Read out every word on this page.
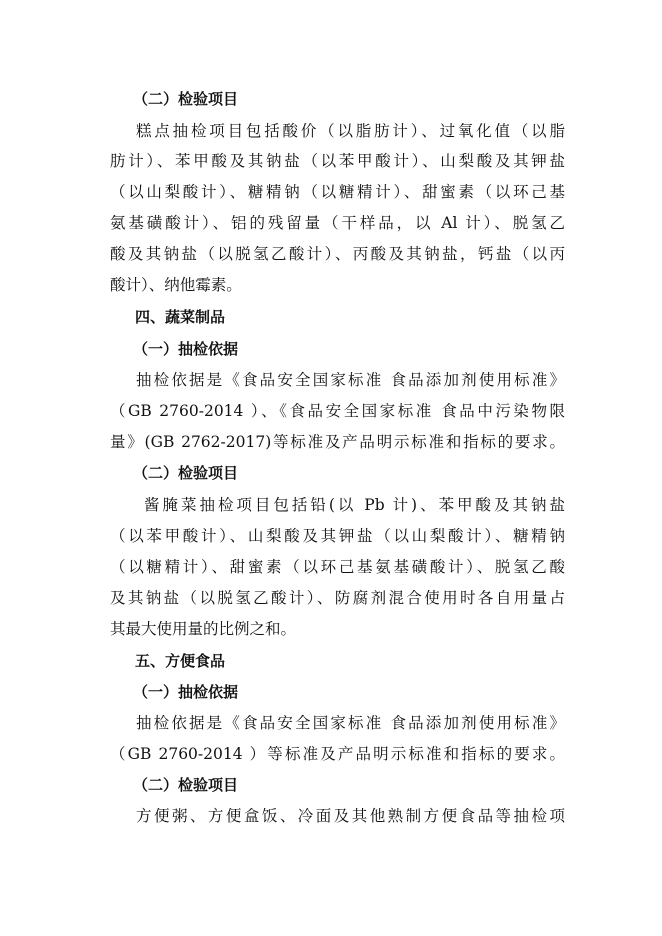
（二）检验项目

糕点抽检项目包括酸价（以脂肪计）、过氧化值（以脂

肪计）、苯甲酸及其钠盐（以苯甲酸计）、山梨酸及其钾盐

（以山梨酸计）、糖精钠（以糖精计）、甜蜜素（以环己基

氨基磺酸计）、铝的残留量（干样品，以 Al 计）、脱氢乙

酸及其钠盐（以脱氢乙酸计）、丙酸及其钠盐，钙盐（以丙

酸计）、纳他霉素。

四、蔬菜制品

（一）抽检依据

抽检依据是《食品安全国家标准 食品添加剂使用标准》

（GB 2760-2014 ）、《食品安全国家标准 食品中污染物限

量》(GB 2762-2017)等标准及产品明示标准和指标的要求。

（二）检验项目

酱腌菜抽检项目包括铅(以 Pb 计)、苯甲酸及其钠盐

（以苯甲酸计）、山梨酸及其钾盐（以山梨酸计）、糖精钠

（以糖精计）、甜蜜素（以环己基氨基磺酸计）、脱氢乙酸

及其钠盐（以脱氢乙酸计）、防腐剂混合使用时各自用量占

其最大使用量的比例之和。

五、方便食品

（一）抽检依据

抽检依据是《食品安全国家标准 食品添加剂使用标准》

（GB 2760-2014 ）等标准及产品明示标准和指标的要求。

（二）检验项目

方便粥、方便盒饭、冷面及其他熟制方便食品等抽检项
